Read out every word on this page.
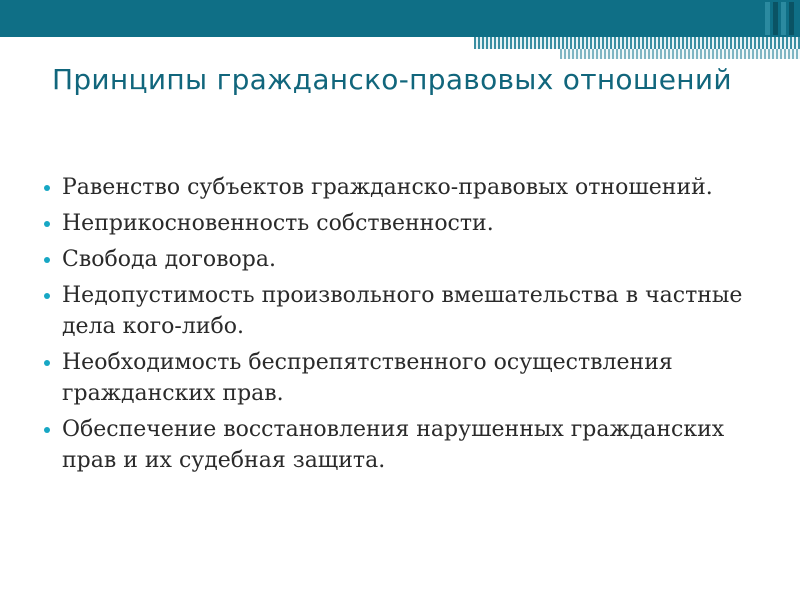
Принципы гражданско-правовых отношений
Равенство субъектов гражданско-правовых отношений.
Неприкосновенность собственности.
Свобода договора.
Недопустимость произвольного вмешательства в частные дела кого-либо.
Необходимость беспрепятственного осуществления гражданских прав.
Обеспечение восстановления нарушенных гражданских прав и их судебная защита.
